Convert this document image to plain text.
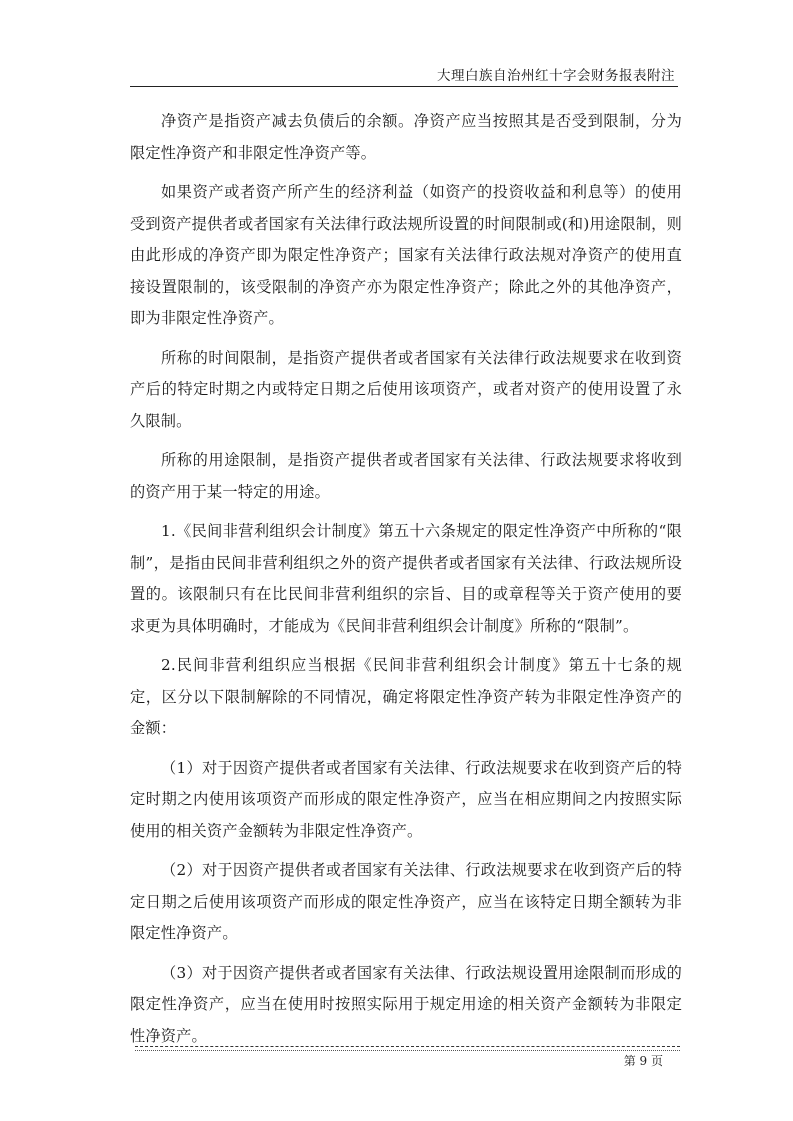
大理白族自治州红十字会财务报表附注

净资产是指资产减去负债后的余额。净资产应当按照其是否受到限制，分为限定性净资产和非限定性净资产等。

如果资产或者资产所产生的经济利益（如资产的投资收益和利息等）的使用受到资产提供者或者国家有关法律行政法规所设置的时间限制或(和)用途限制，则由此形成的净资产即为限定性净资产；国家有关法律行政法规对净资产的使用直接设置限制的，该受限制的净资产亦为限定性净资产；除此之外的其他净资产，即为非限定性净资产。

所称的时间限制，是指资产提供者或者国家有关法律行政法规要求在收到资产后的特定时期之内或特定日期之后使用该项资产，或者对资产的使用设置了永久限制。

所称的用途限制，是指资产提供者或者国家有关法律、行政法规要求将收到的资产用于某一特定的用途。

1.《民间非营利组织会计制度》第五十六条规定的限定性净资产中所称的“限制”，是指由民间非营利组织之外的资产提供者或者国家有关法律、行政法规所设置的。该限制只有在比民间非营利组织的宗旨、目的或章程等关于资产使用的要求更为具体明确时，才能成为《民间非营利组织会计制度》所称的“限制”。

2.民间非营利组织应当根据《民间非营利组织会计制度》第五十七条的规定，区分以下限制解除的不同情况，确定将限定性净资产转为非限定性净资产的金额：

（1）对于因资产提供者或者国家有关法律、行政法规要求在收到资产后的特定时期之内使用该项资产而形成的限定性净资产，应当在相应期间之内按照实际使用的相关资产金额转为非限定性净资产。

（2）对于因资产提供者或者国家有关法律、行政法规要求在收到资产后的特定日期之后使用该项资产而形成的限定性净资产，应当在该特定日期全额转为非限定性净资产。

（3）对于因资产提供者或者国家有关法律、行政法规设置用途限制而形成的限定性净资产，应当在使用时按照实际用于规定用途的相关资产金额转为非限定性净资产。

第 9 页
